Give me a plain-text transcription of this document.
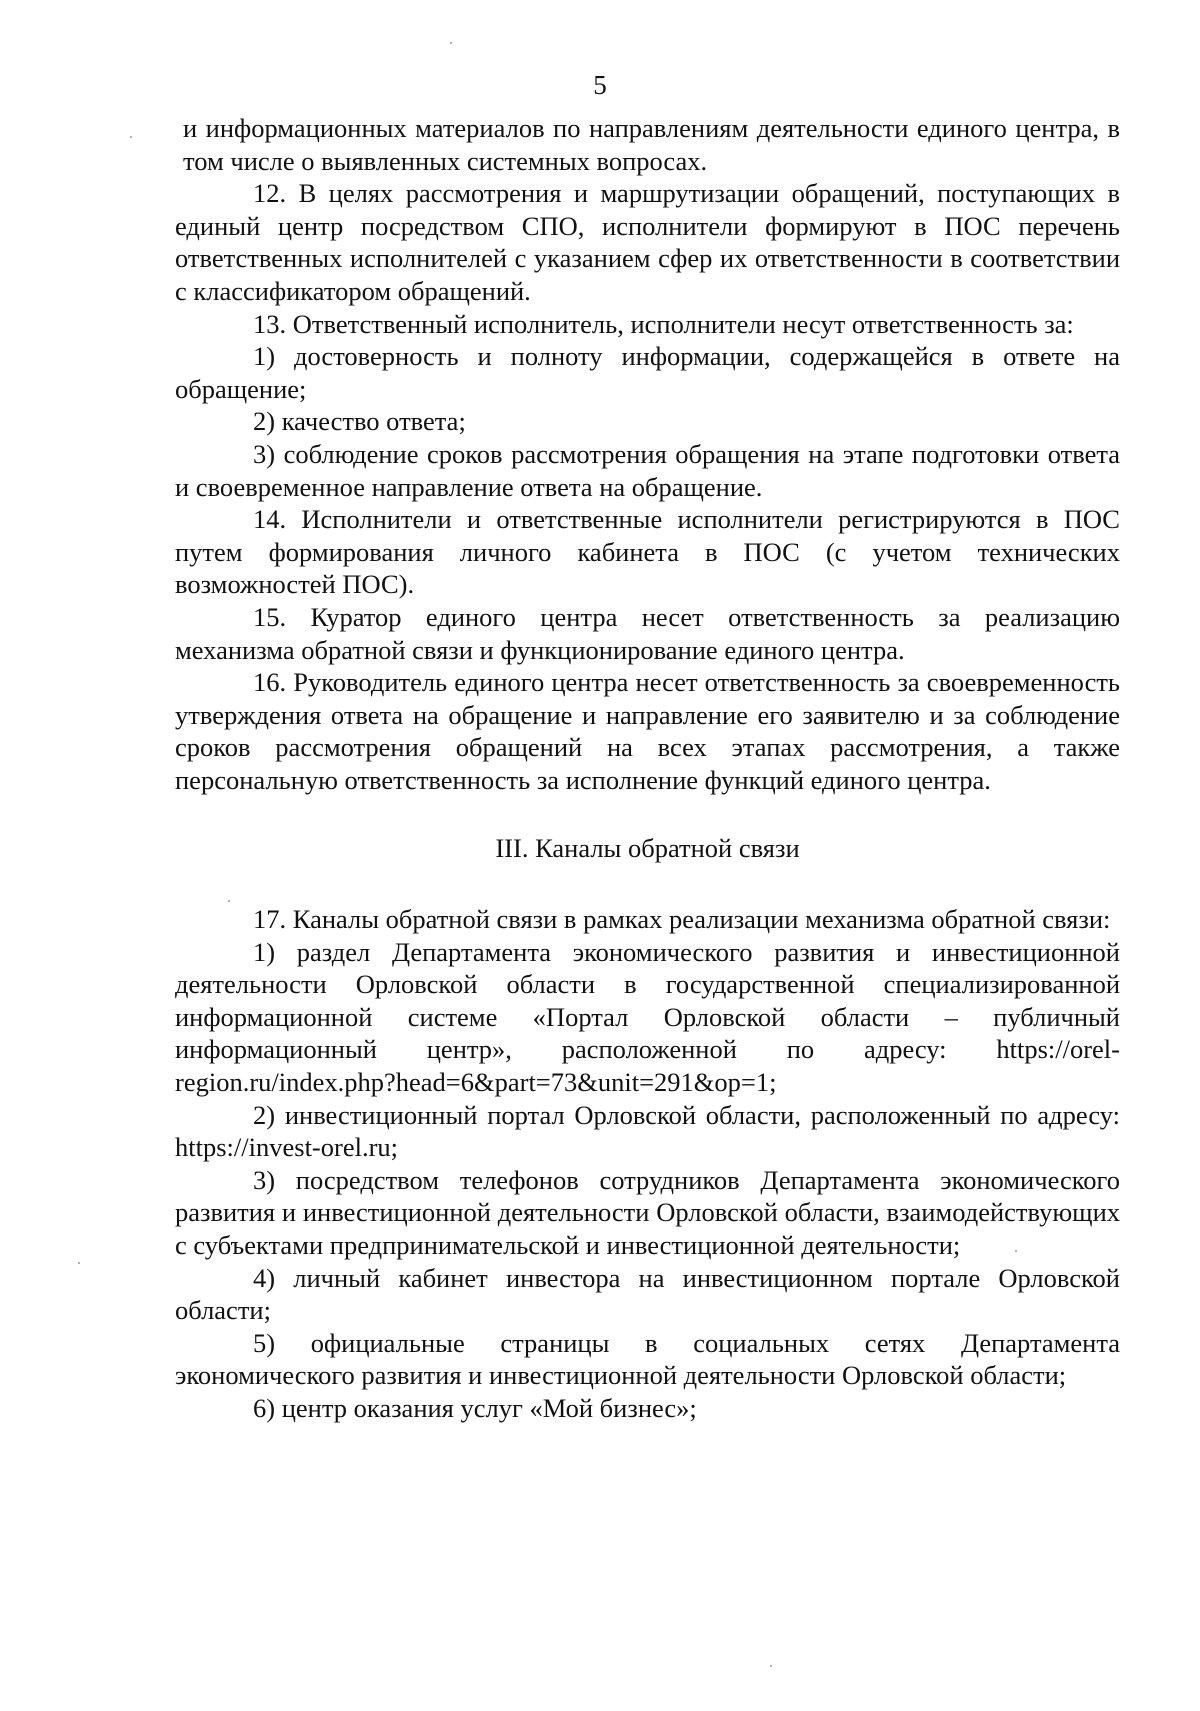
5

и информационных материалов по направлениям деятельности единого центра, в том числе о выявленных системных вопросах.

12. В целях рассмотрения и маршрутизации обращений, поступающих в единый центр посредством СПО, исполнители формируют в ПОС перечень ответственных исполнителей с указанием сфер их ответственности в соответствии с классификатором обращений.

13. Ответственный исполнитель, исполнители несут ответственность за:

1) достоверность и полноту информации, содержащейся в ответе на обращение;

2) качество ответа;

3) соблюдение сроков рассмотрения обращения на этапе подготовки ответа и своевременное направление ответа на обращение.

14. Исполнители и ответственные исполнители регистрируются в ПОС путем формирования личного кабинета в ПОС (с учетом технических возможностей ПОС).

15. Куратор единого центра несет ответственность за реализацию механизма обратной связи и функционирование единого центра.

16. Руководитель единого центра несет ответственность за своевременность утверждения ответа на обращение и направление его заявителю и за соблюдение сроков рассмотрения обращений на всех этапах рассмотрения, а также персональную ответственность за исполнение функций единого центра.

III. Каналы обратной связи

17. Каналы обратной связи в рамках реализации механизма обратной связи:

1) раздел Департамента экономического развития и инвестиционной деятельности Орловской области в государственной специализированной информационной системе «Портал Орловской области – публичный информационный центр», расположенной по адресу: https://orel-region.ru/index.php?head=6&part=73&unit=291&op=1;

2) инвестиционный портал Орловской области, расположенный по адресу: https://invest-orel.ru;

3) посредством телефонов сотрудников Департамента экономического развития и инвестиционной деятельности Орловской области, взаимодействующих с субъектами предпринимательской и инвестиционной деятельности;

4) личный кабинет инвестора на инвестиционном портале Орловской области;

5) официальные страницы в социальных сетях Департамента экономического развития и инвестиционной деятельности Орловской области;

6) центр оказания услуг «Мой бизнес»;
